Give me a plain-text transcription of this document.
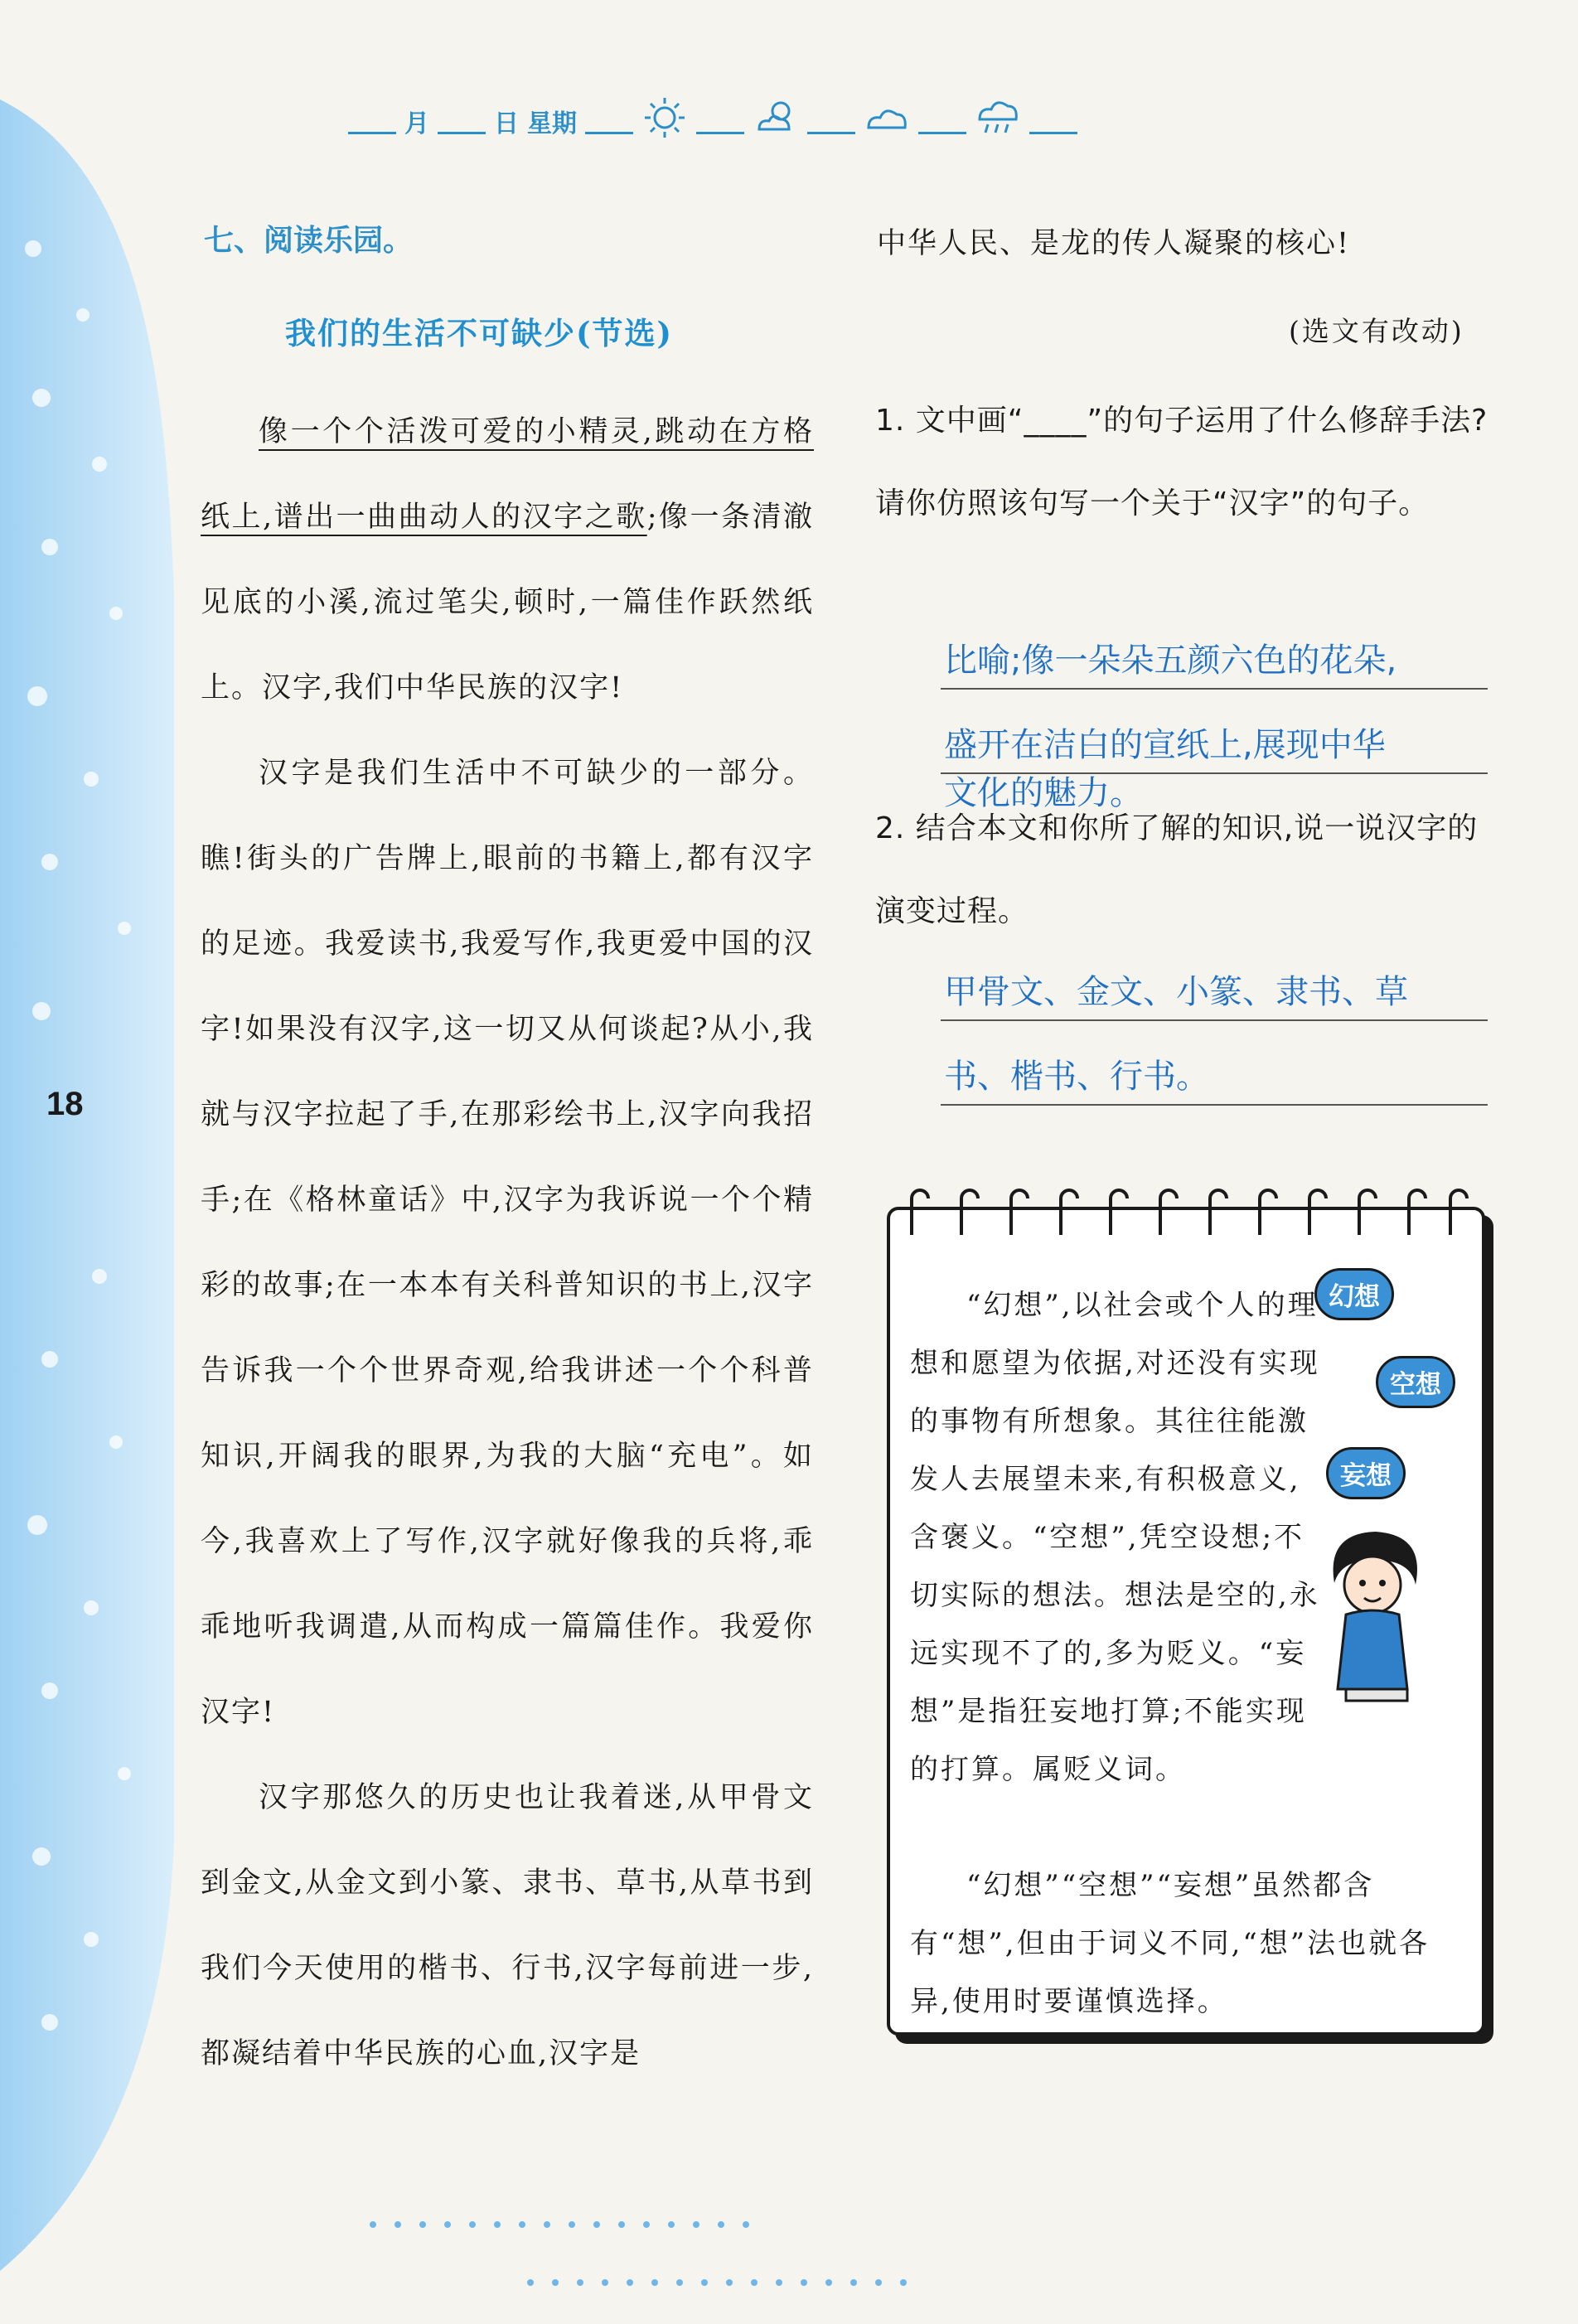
18
月	日 星期
七、阅读乐园。
我们的生活不可缺少(节选)

像一个个活泼可爱的小精灵,跳动在方格纸上,谱出一曲曲动人的汉字之歌;像一条清澈见底的小溪,流过笔尖,顿时,一篇佳作跃然纸上。汉字,我们中华民族的汉字!

汉字是我们生活中不可缺少的一部分。瞧!街头的广告牌上,眼前的书籍上,都有汉字的足迹。我爱读书,我爱写作,我更爱中国的汉字!如果没有汉字,这一切又从何谈起?从小,我就与汉字拉起了手,在那彩绘书上,汉字向我招手;在《格林童话》中,汉字为我诉说一个个精彩的故事;在一本本有关科普知识的书上,汉字告诉我一个个世界奇观,给我讲述一个个科普知识,开阔我的眼界,为我的大脑“充电”。如今,我喜欢上了写作,汉字就好像我的兵将,乖乖地听我调遣,从而构成一篇篇佳作。我爱你汉字!

汉字那悠久的历史也让我着迷,从甲骨文到金文,从金文到小篆、隶书、草书,从草书到我们今天使用的楷书、行书,汉字每前进一步,都凝结着中华民族的心血,汉字是

中华人民、是龙的传人凝聚的核心!
(选文有改动)
1. 文中画“____”的句子运用了什么修辞手法?请你仿照该句写一个关于“汉字”的句子。
比喻;像一朵朵五颜六色的花朵,
盛开在洁白的宣纸上,展现中华
文化的魅力。
2. 结合本文和你所了解的知识,说一说汉字的演变过程。
甲骨文、金文、小篆、隶书、草
书、楷书、行书。
幻想
空想
妄想

“幻想”,以社会或个人的理想和愿望为依据,对还没有实现的事物有所想象。其往往能激发人去展望未来,有积极意义,含褒义。“空想”,凭空设想;不切实际的想法。想法是空的,永远实现不了的,多为贬义。“妄想”是指狂妄地打算;不能实现的打算。属贬义词。

“幻想”“空想”“妄想”虽然都含有“想”,但由于词义不同,“想”法也就各异,使用时要谨慎选择。
